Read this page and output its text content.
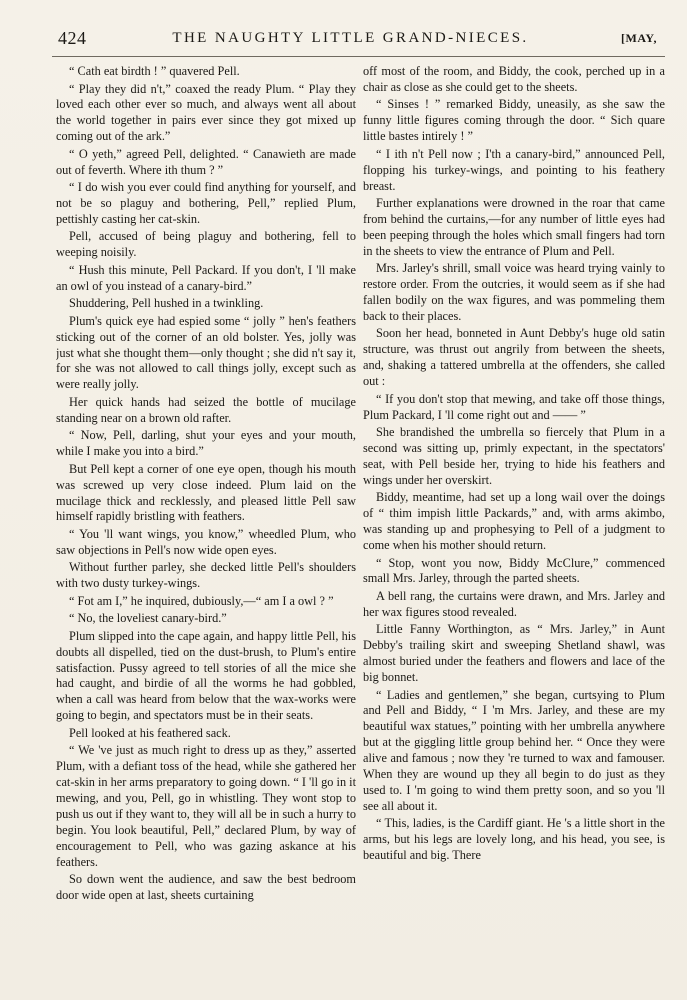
424	THE NAUGHTY LITTLE GRAND-NIECES.	[MAY,

“ Cath eat birdth ! ” quavered Pell.

“ Play they did n't,” coaxed the ready Plum. “ Play they loved each other ever so much, and always went all about the world together in pairs ever since they got mixed up coming out of the ark.”

“ O yeth,” agreed Pell, delighted. “ Canawieth are made out of feverth. Where ith thum ? ”

“ I do wish you ever could find anything for yourself, and not be so plaguy and bothering, Pell,” replied Plum, pettishly casting her cat-skin.

Pell, accused of being plaguy and bothering, fell to weeping noisily.

“ Hush this minute, Pell Packard. If you don't, I 'll make an owl of you instead of a canary-bird.”

Shuddering, Pell hushed in a twinkling.

Plum's quick eye had espied some “ jolly ” hen's feathers sticking out of the corner of an old bolster. Yes, jolly was just what she thought them—only thought ; she did n't say it, for she was not allowed to call things jolly, except such as were really jolly.

Her quick hands had seized the bottle of mucilage standing near on a brown old rafter.

“ Now, Pell, darling, shut your eyes and your mouth, while I make you into a bird.”

But Pell kept a corner of one eye open, though his mouth was screwed up very close indeed. Plum laid on the mucilage thick and recklessly, and pleased little Pell saw himself rapidly bristling with feathers.

“ You 'll want wings, you know,” wheedled Plum, who saw objections in Pell's now wide open eyes.

Without further parley, she decked little Pell's shoulders with two dusty turkey-wings.

“ Fot am I,” he inquired, dubiously,—“ am I a owl ? ”

“ No, the loveliest canary-bird.”

Plum slipped into the cape again, and happy little Pell, his doubts all dispelled, tied on the dust-brush, to Plum's entire satisfaction. Pussy agreed to tell stories of all the mice she had caught, and birdie of all the worms he had gobbled, when a call was heard from below that the wax-works were going to begin, and spectators must be in their seats.

Pell looked at his feathered sack.

“ We 've just as much right to dress up as they,” asserted Plum, with a defiant toss of the head, while she gathered her cat-skin in her arms preparatory to going down. “ I 'll go in it mewing, and you, Pell, go in whistling. They wont stop to push us out if they want to, they will all be in such a hurry to begin. You look beautiful, Pell,” declared Plum, by way of encouragement to Pell, who was gazing askance at his feathers.

So down went the audience, and saw the best bedroom door wide open at last, sheets curtaining

off most of the room, and Biddy, the cook, perched up in a chair as close as she could get to the sheets.

“ Sinses ! ” remarked Biddy, uneasily, as she saw the funny little figures coming through the door. “ Sich quare little bastes intirely ! ”

“ I ith n't Pell now ; I'th a canary-bird,” announced Pell, flopping his turkey-wings, and pointing to his feathery breast.

Further explanations were drowned in the roar that came from behind the curtains,—for any number of little eyes had been peeping through the holes which small fingers had torn in the sheets to view the entrance of Plum and Pell.

Mrs. Jarley's shrill, small voice was heard trying vainly to restore order. From the outcries, it would seem as if she had fallen bodily on the wax figures, and was pommeling them back to their places.

Soon her head, bonneted in Aunt Debby's huge old satin structure, was thrust out angrily from between the sheets, and, shaking a tattered umbrella at the offenders, she called out :

“ If you don't stop that mewing, and take off those things, Plum Packard, I 'll come right out and —— ”

She brandished the umbrella so fiercely that Plum in a second was sitting up, primly expectant, in the spectators' seat, with Pell beside her, trying to hide his feathers and wings under her overskirt.

Biddy, meantime, had set up a long wail over the doings of “ thim impish little Packards,” and, with arms akimbo, was standing up and prophesying to Pell of a judgment to come when his mother should return.

“ Stop, wont you now, Biddy McClure,” commenced small Mrs. Jarley, through the parted sheets.

A bell rang, the curtains were drawn, and Mrs. Jarley and her wax figures stood revealed.

Little Fanny Worthington, as “ Mrs. Jarley,” in Aunt Debby's trailing skirt and sweeping Shetland shawl, was almost buried under the feathers and flowers and lace of the big bonnet.

“ Ladies and gentlemen,” she began, curtsying to Plum and Pell and Biddy, “ I 'm Mrs. Jarley, and these are my beautiful wax statues,” pointing with her umbrella anywhere but at the giggling little group behind her. “ Once they were alive and famous ; now they 're turned to wax and famouser. When they are wound up they all begin to do just as they used to. I 'm going to wind them pretty soon, and so you 'll see all about it.

“ This, ladies, is the Cardiff giant. He 's a little short in the arms, but his legs are lovely long, and his head, you see, is beautiful and big. There
